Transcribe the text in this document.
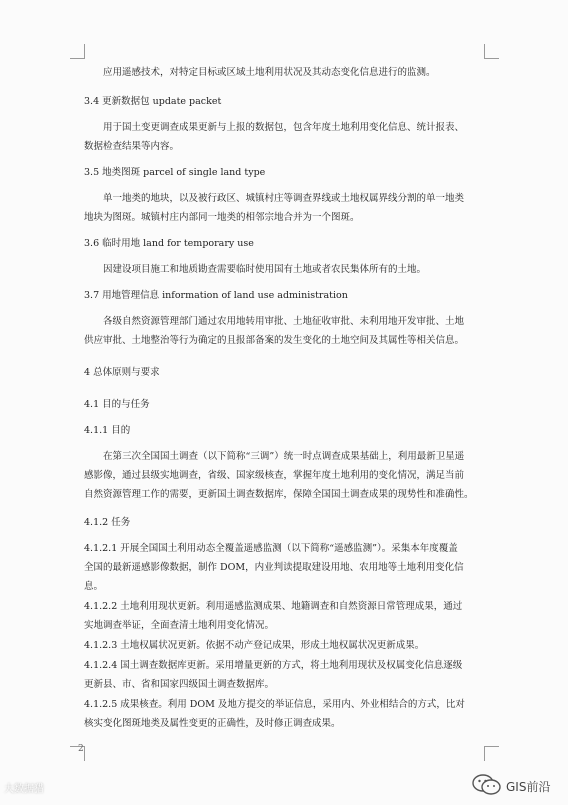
应用遥感技术，对特定目标或区域土地利用状况及其动态变化信息进行的监测。
3.4 更新数据包 update packet
用于国土变更调查成果更新与上报的数据包，包含年度土地利用变化信息、统计报表、
数据检查结果等内容。
3.5 地类图斑 parcel of single land type
单一地类的地块，以及被行政区、城镇村庄等调查界线或土地权属界线分割的单一地类
地块为图斑。城镇村庄内部同一地类的相邻宗地合并为一个图斑。
3.6 临时用地 land for temporary use
因建设项目施工和地质勘查需要临时使用国有土地或者农民集体所有的土地。
3.7 用地管理信息 information of land use administration
各级自然资源管理部门通过农用地转用审批、土地征收审批、未利用地开发审批、土地
供应审批、土地整治等行为确定的且报部备案的发生变化的土地空间及其属性等相关信息。
4 总体原则与要求
4.1 目的与任务
4.1.1 目的
在第三次全国国土调查（以下简称“三调”）统一时点调查成果基础上，利用最新卫星遥
感影像，通过县级实地调查，省级、国家级核查，掌握年度土地利用的变化情况，满足当前
自然资源管理工作的需要，更新国土调查数据库，保障全国国土调查成果的现势性和准确性。
4.1.2 任务
4.1.2.1 开展全国国土利用动态全覆盖遥感监测（以下简称“遥感监测”）。采集本年度覆盖
全国的最新遥感影像数据，制作 DOM，内业判读提取建设用地、农用地等土地利用变化信
息。
4.1.2.2 土地利用现状更新。利用遥感监测成果、地籍调查和自然资源日常管理成果，通过
实地调查举证，全面查清土地利用变化情况。
4.1.2.3 土地权属状况更新。依据不动产登记成果，形成土地权属状况更新成果。
4.1.2.4 国土调查数据库更新。采用增量更新的方式，将土地利用现状及权属变化信息逐级
更新县、市、省和国家四级国土调查数据库。
4.1.2.5 成果核查。利用 DOM 及地方提交的举证信息，采用内、外业相结合的方式，比对
核实变化图斑地类及属性变更的正确性，及时修正调查成果。
2
大数据猎	GIS前沿
